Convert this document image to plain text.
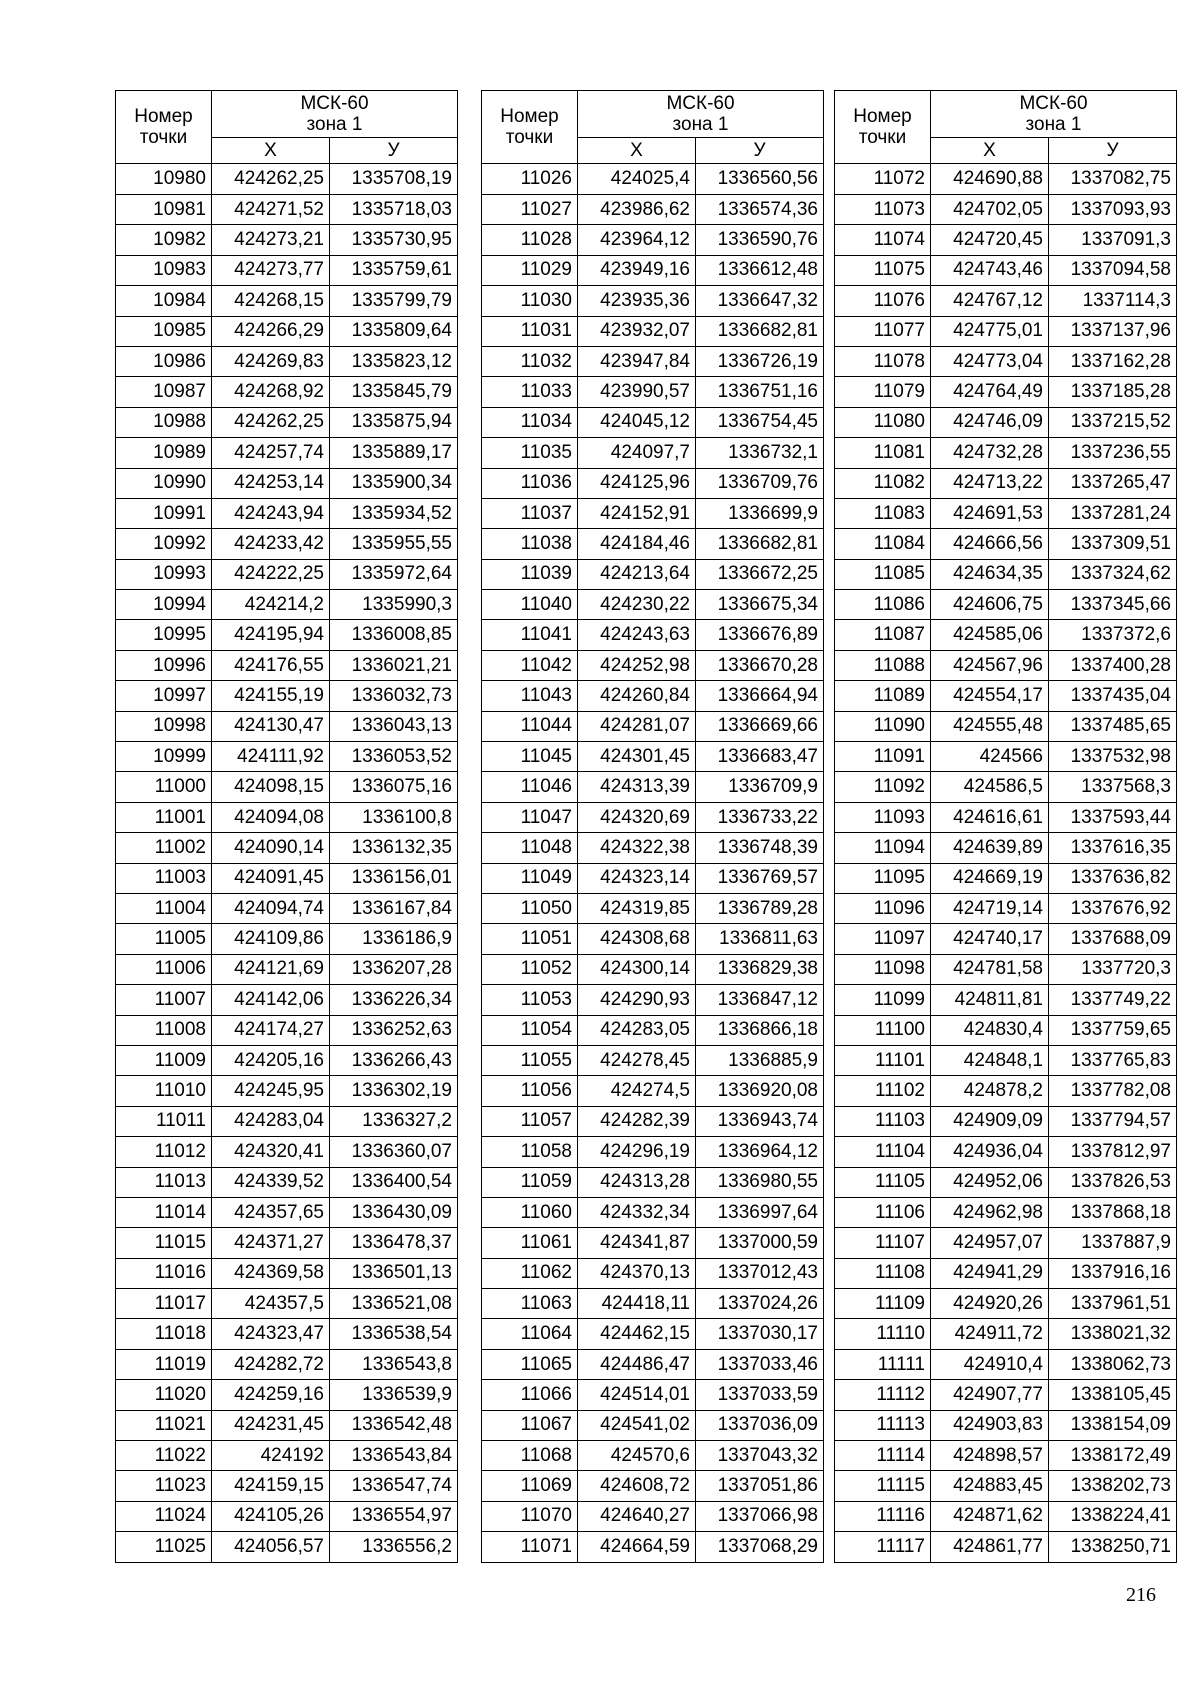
Номер
точки	МСК-60
зона 1	
	Х	У
10980	424262,25	1335708,19
10981	424271,52	1335718,03
10982	424273,21	1335730,95
10983	424273,77	1335759,61
10984	424268,15	1335799,79
10985	424266,29	1335809,64
10986	424269,83	1335823,12
10987	424268,92	1335845,79
10988	424262,25	1335875,94
10989	424257,74	1335889,17
10990	424253,14	1335900,34
10991	424243,94	1335934,52
10992	424233,42	1335955,55
10993	424222,25	1335972,64
10994	424214,2	1335990,3
10995	424195,94	1336008,85
10996	424176,55	1336021,21
10997	424155,19	1336032,73
10998	424130,47	1336043,13
10999	424111,92	1336053,52
11000	424098,15	1336075,16
11001	424094,08	1336100,8
11002	424090,14	1336132,35
11003	424091,45	1336156,01
11004	424094,74	1336167,84
11005	424109,86	1336186,9
11006	424121,69	1336207,28
11007	424142,06	1336226,34
11008	424174,27	1336252,63
11009	424205,16	1336266,43
11010	424245,95	1336302,19
11011	424283,04	1336327,2
11012	424320,41	1336360,07
11013	424339,52	1336400,54
11014	424357,65	1336430,09
11015	424371,27	1336478,37
11016	424369,58	1336501,13
11017	424357,5	1336521,08
11018	424323,47	1336538,54
11019	424282,72	1336543,8
11020	424259,16	1336539,9
11021	424231,45	1336542,48
11022	424192	1336543,84
11023	424159,15	1336547,74
11024	424105,26	1336554,97
11025	424056,57	1336556,2
Номер
точки	МСК-60
зона 1	
	Х	У
11026	424025,4	1336560,56
11027	423986,62	1336574,36
11028	423964,12	1336590,76
11029	423949,16	1336612,48
11030	423935,36	1336647,32
11031	423932,07	1336682,81
11032	423947,84	1336726,19
11033	423990,57	1336751,16
11034	424045,12	1336754,45
11035	424097,7	1336732,1
11036	424125,96	1336709,76
11037	424152,91	1336699,9
11038	424184,46	1336682,81
11039	424213,64	1336672,25
11040	424230,22	1336675,34
11041	424243,63	1336676,89
11042	424252,98	1336670,28
11043	424260,84	1336664,94
11044	424281,07	1336669,66
11045	424301,45	1336683,47
11046	424313,39	1336709,9
11047	424320,69	1336733,22
11048	424322,38	1336748,39
11049	424323,14	1336769,57
11050	424319,85	1336789,28
11051	424308,68	1336811,63
11052	424300,14	1336829,38
11053	424290,93	1336847,12
11054	424283,05	1336866,18
11055	424278,45	1336885,9
11056	424274,5	1336920,08
11057	424282,39	1336943,74
11058	424296,19	1336964,12
11059	424313,28	1336980,55
11060	424332,34	1336997,64
11061	424341,87	1337000,59
11062	424370,13	1337012,43
11063	424418,11	1337024,26
11064	424462,15	1337030,17
11065	424486,47	1337033,46
11066	424514,01	1337033,59
11067	424541,02	1337036,09
11068	424570,6	1337043,32
11069	424608,72	1337051,86
11070	424640,27	1337066,98
11071	424664,59	1337068,29
Номер
точки	МСК-60
зона 1	
	Х	У
11072	424690,88	1337082,75
11073	424702,05	1337093,93
11074	424720,45	1337091,3
11075	424743,46	1337094,58
11076	424767,12	1337114,3
11077	424775,01	1337137,96
11078	424773,04	1337162,28
11079	424764,49	1337185,28
11080	424746,09	1337215,52
11081	424732,28	1337236,55
11082	424713,22	1337265,47
11083	424691,53	1337281,24
11084	424666,56	1337309,51
11085	424634,35	1337324,62
11086	424606,75	1337345,66
11087	424585,06	1337372,6
11088	424567,96	1337400,28
11089	424554,17	1337435,04
11090	424555,48	1337485,65
11091	424566	1337532,98
11092	424586,5	1337568,3
11093	424616,61	1337593,44
11094	424639,89	1337616,35
11095	424669,19	1337636,82
11096	424719,14	1337676,92
11097	424740,17	1337688,09
11098	424781,58	1337720,3
11099	424811,81	1337749,22
11100	424830,4	1337759,65
11101	424848,1	1337765,83
11102	424878,2	1337782,08
11103	424909,09	1337794,57
11104	424936,04	1337812,97
11105	424952,06	1337826,53
11106	424962,98	1337868,18
11107	424957,07	1337887,9
11108	424941,29	1337916,16
11109	424920,26	1337961,51
11110	424911,72	1338021,32
11111	424910,4	1338062,73
11112	424907,77	1338105,45
11113	424903,83	1338154,09
11114	424898,57	1338172,49
11115	424883,45	1338202,73
11116	424871,62	1338224,41
11117	424861,77	1338250,71
216
